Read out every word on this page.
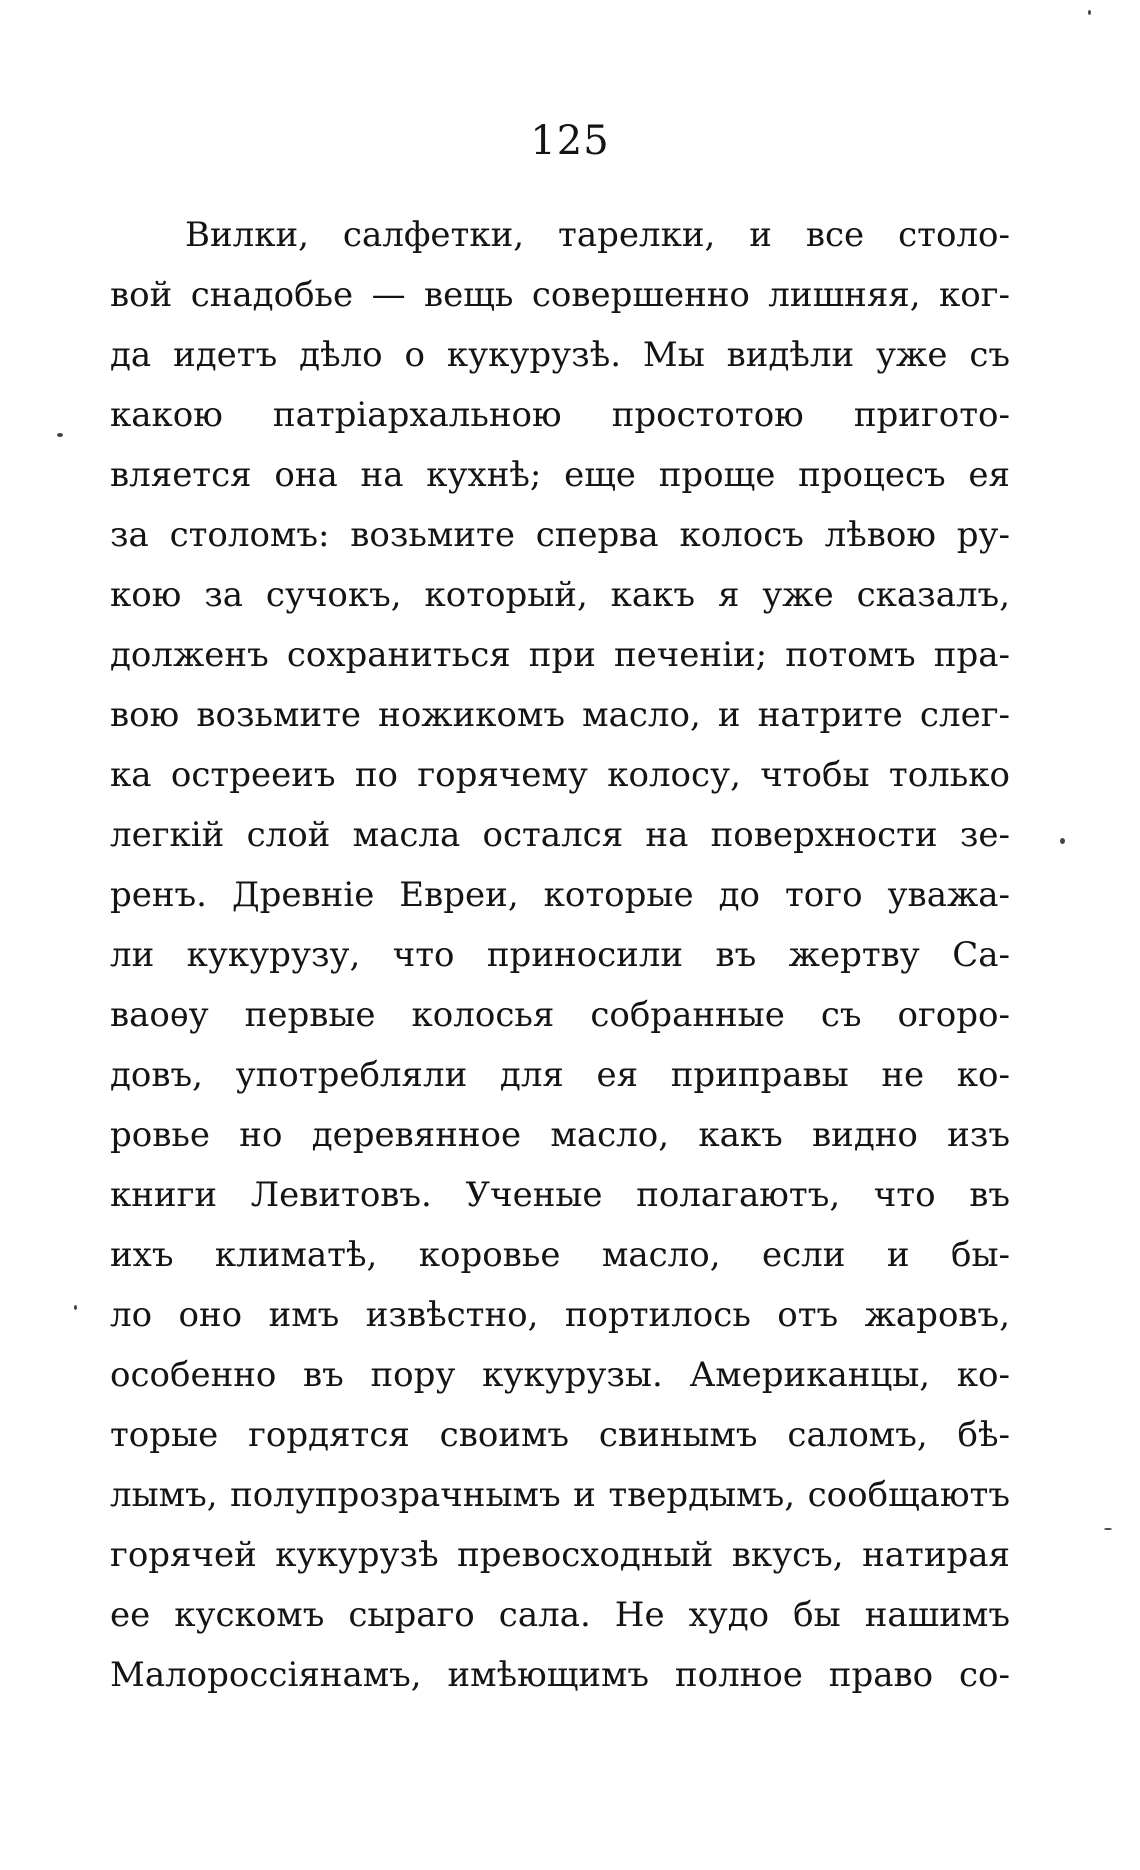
125
Вилки, салфетки, тарелки, и все столо-
вой снадобье — вещь совершенно лишняя, ког-
да идетъ дѣло о кукурузѣ. Мы видѣли уже съ
какою патріархальною простотою пригото-
вляется она на кухнѣ; еще проще процесъ ея
за столомъ: возьмите сперва колосъ лѣвою ру-
кою за сучокъ, который, какъ я уже сказалъ,
долженъ сохраниться при печеніи; потомъ пра-
вою возьмите ножикомъ масло, и натрите слег-
ка острееиъ по горячему колосу, чтобы только
легкій слой масла остался на поверхности зе-
ренъ. Древніе Евреи, которые до того уважа-
ли кукурузу, что приносили въ жертву Са-
ваоѳу первые колосья собранные съ огоро-
довъ, употребляли для ея приправы не ко-
ровье но деревянное масло, какъ видно изъ
книги Левитовъ. Ученые полагаютъ, что въ
ихъ климатѣ, коровье масло, если и бы-
ло оно имъ извѣстно, портилось отъ жаровъ,
особенно въ пору кукурузы. Американцы, ко-
торые гордятся своимъ свинымъ саломъ, бѣ-
лымъ, полупрозрачнымъ и твердымъ, сообщаютъ
горячей кукурузѣ превосходный вкусъ, натирая
ее кускомъ сыраго сала. Не худо бы нашимъ
Малороссіянамъ, имѣющимъ полное право со-
